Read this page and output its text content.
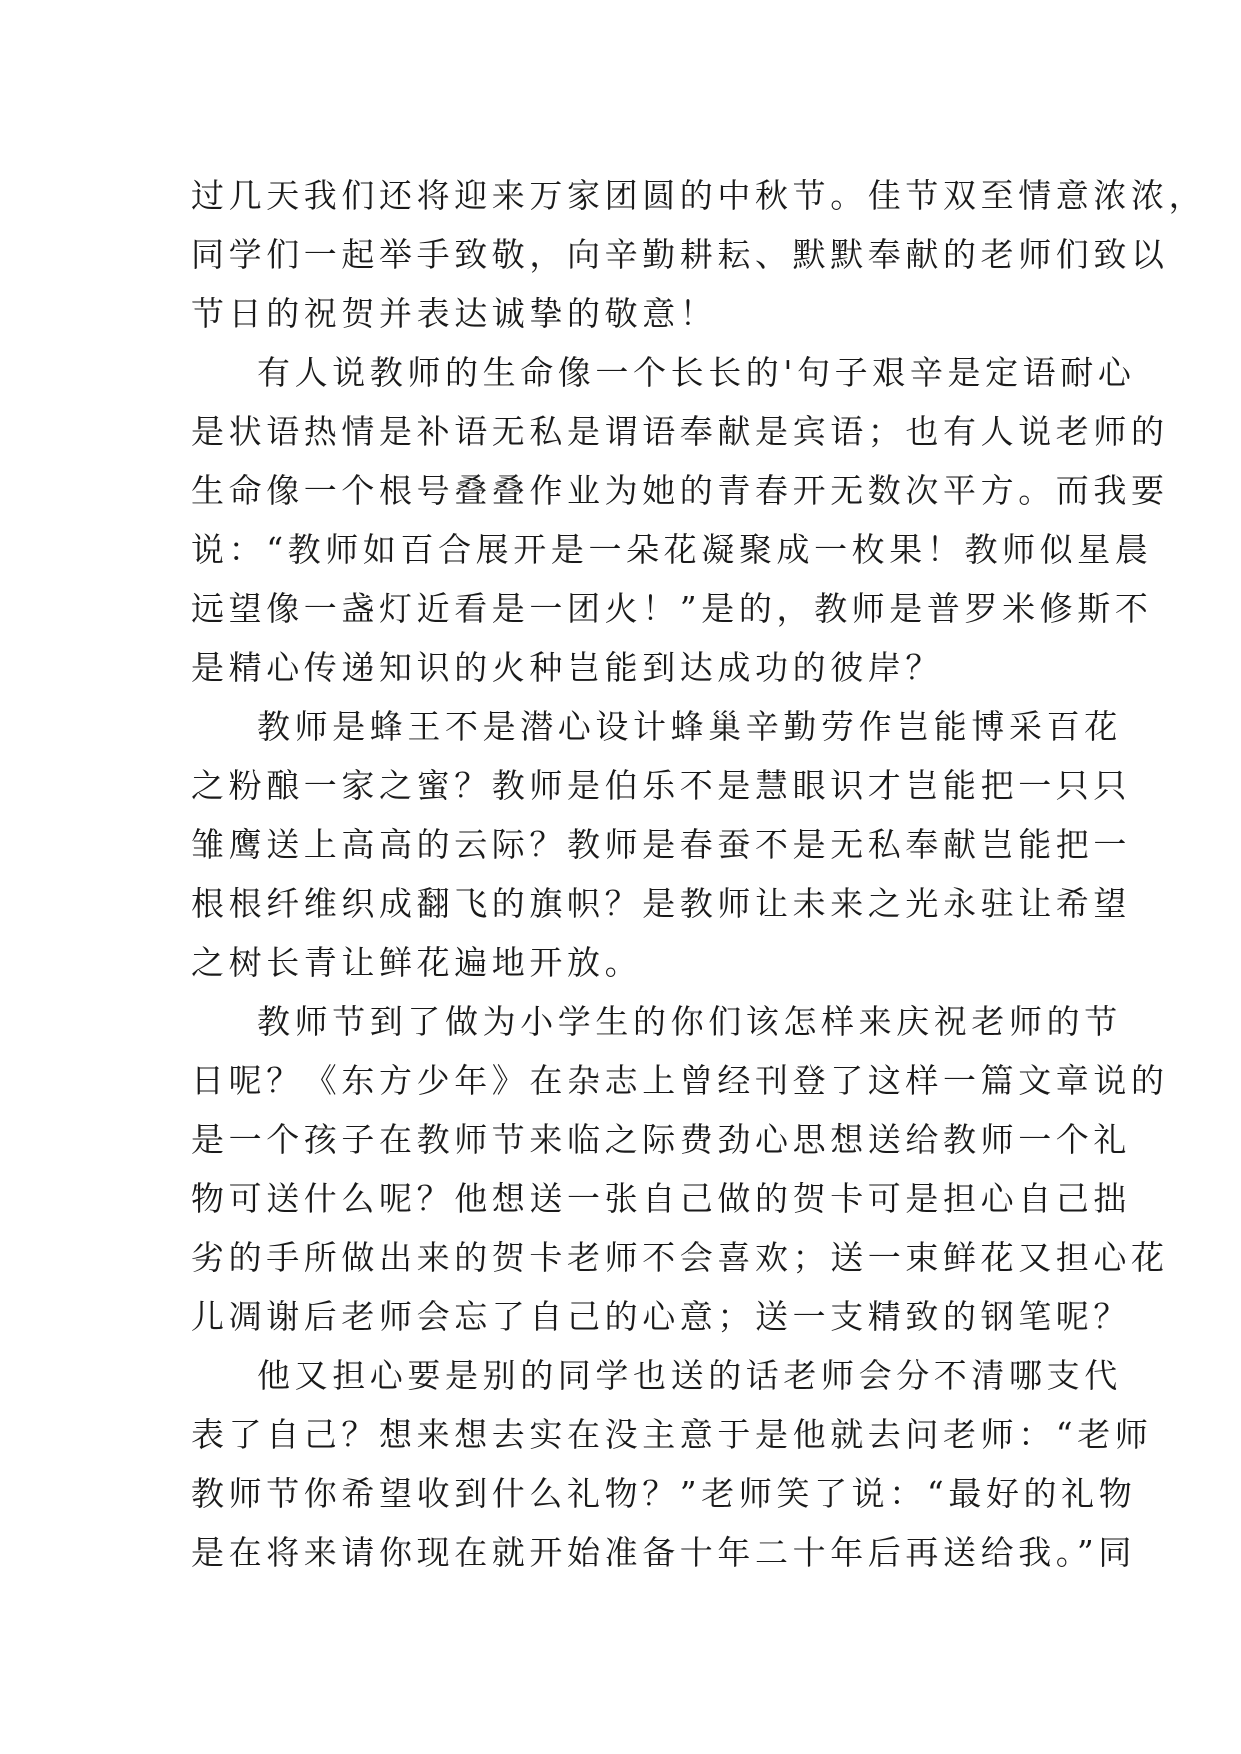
过几天我们还将迎来万家团圆的中秋节。佳节双至情意浓浓，
同学们一起举手致敬，向辛勤耕耘、默默奉献的老师们致以
节日的祝贺并表达诚挚的敬意！
有人说教师的生命像一个长长的'句子艰辛是定语耐心
是状语热情是补语无私是谓语奉献是宾语；也有人说老师的
生命像一个根号叠叠作业为她的青春开无数次平方。而我要
说：“教师如百合展开是一朵花凝聚成一枚果！教师似星晨
远望像一盏灯近看是一团火！”是的，教师是普罗米修斯不
是精心传递知识的火种岂能到达成功的彼岸？
教师是蜂王不是潜心设计蜂巢辛勤劳作岂能博采百花
之粉酿一家之蜜？教师是伯乐不是慧眼识才岂能把一只只
雏鹰送上高高的云际？教师是春蚕不是无私奉献岂能把一
根根纤维织成翻飞的旗帜？是教师让未来之光永驻让希望
之树长青让鲜花遍地开放。
教师节到了做为小学生的你们该怎样来庆祝老师的节
日呢？《东方少年》在杂志上曾经刊登了这样一篇文章说的
是一个孩子在教师节来临之际费劲心思想送给教师一个礼
物可送什么呢？他想送一张自己做的贺卡可是担心自己拙
劣的手所做出来的贺卡老师不会喜欢；送一束鲜花又担心花
儿凋谢后老师会忘了自己的心意；送一支精致的钢笔呢？
他又担心要是别的同学也送的话老师会分不清哪支代
表了自己？想来想去实在没主意于是他就去问老师：“老师
教师节你希望收到什么礼物？”老师笑了说：“最好的礼物
是在将来请你现在就开始准备十年二十年后再送给我。”同
